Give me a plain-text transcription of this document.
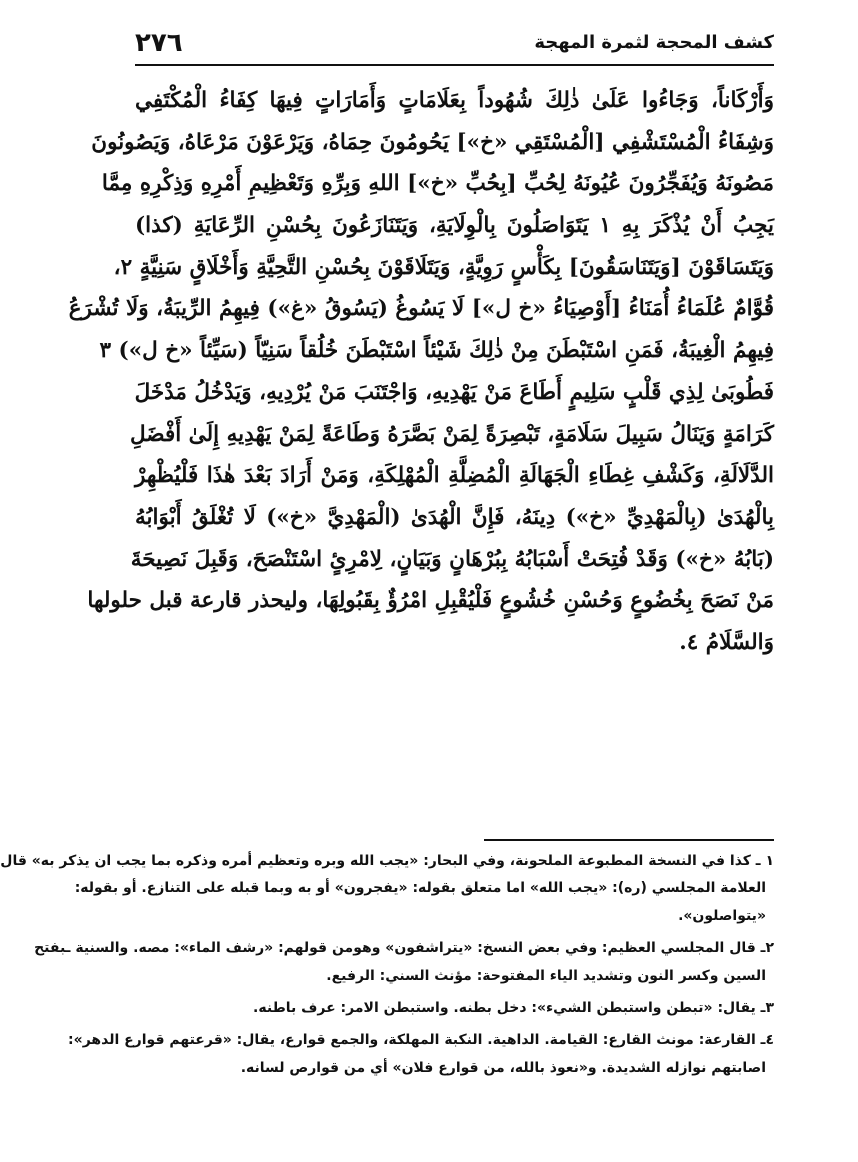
٢٧٦	كشف المحجة لثمرة المهجة
وَأَرْكَاناً، وَجَاءُوا عَلَىٰ ذٰلِكَ شُهُوداً بِعَلَامَاتٍ وَأَمَارَاتٍ فِيهَا كِفَاءُ الْمُكْتَفِي
وَشِفَاءُ الْمُسْتَشْفِي [الْمُسْتَقِي «خ»] يَحُومُونَ حِمَاهُ، وَيَرْعَوْنَ مَرْعَاهُ، وَيَصُونُونَ
مَصُونَهُ وَيُفَجِّرُونَ عُيُونَهُ لِحُبِّ [بِحُبِّ «خ»] اللهِ وَبِرِّهِ وَتَعْظِيمِ أَمْرِهِ وَذِكْرِهِ مِمَّا
يَجِبُ أَنْ يُذْكَرَ بِهِ ١ يَتَوَاصَلُونَ بِالْوِلَايَةِ، وَيَتَنَازَعُونَ بِحُسْنِ الرِّعَايَةِ (كذا)
وَيَتَسَاقَوْنَ [وَيَتَنَاسَقُونَ] بِكَأْسٍ رَوِيَّةٍ، وَيَتَلَاقَوْنَ بِحُسْنِ التَّحِيَّةِ وَأَخْلَاقٍ سَنِيَّةٍ ٢،
قُوَّامٌ عُلَمَاءُ أُمَنَاءُ [أَوْصِيَاءُ «خ ل»] لَا يَسُوغُ (يَسُوقُ «غ») فِيهِمُ الرِّيبَةُ، وَلَا تُشْرَعُ
فِيهِمُ الْغِيبَةُ، فَمَنِ اسْتَبْطَنَ مِنْ ذٰلِكَ شَيْئاً اسْتَبْطَنَ خُلُقاً سَنِيّاً (سَيِّئاً «خ ل») ٣
فَطُوبَىٰ لِذِي قَلْبٍ سَلِيمٍ أَطَاعَ مَنْ يَهْدِيهِ، وَاجْتَنَبَ مَنْ يُرْدِيهِ، وَيَدْخُلُ مَدْخَلَ
كَرَامَةٍ وَيَنَالُ سَبِيلَ سَلَامَةٍ، تَبْصِرَةً لِمَنْ بَصَّرَهُ وَطَاعَةً لِمَنْ يَهْدِيهِ إِلَىٰ أَفْضَلِ
الدَّلَالَةِ، وَكَشْفِ غِطَاءِ الْجَهَالَةِ الْمُضِلَّةِ الْمُهْلِكَةِ، وَمَنْ أَرَادَ بَعْدَ هٰذَا فَلْيُظْهِرْ
بِالْهُدَىٰ (بِالْمَهْدِيِّ «خ») دِينَهُ، فَإِنَّ الْهُدَىٰ (الْمَهْدِيَّ «خ») لَا تُغْلَقُ أَبْوَابُهُ
(بَابُهُ «خ») وَقَدْ فُتِحَتْ أَسْبَابُهُ بِبُرْهَانٍ وَبَيَانٍ، لِامْرِئٍ اسْتَنْصَحَ، وَقَبِلَ نَصِيحَةَ
مَنْ نَصَحَ بِخُضُوعٍ وَحُسْنِ خُشُوعٍ فَلْيُقْبِلِ امْرُؤٌ بِقَبُولِهَا، وليحذر قارعة قبل حلولها
وَالسَّلَامُ ٤.
١ ـ كذا في النسخة المطبوعة الملحونة، وفي البحار: «يجب الله وبره وتعظيم أمره وذكره بما يجب ان يذكر به» قال
العلامة المجلسي (ره): «يجب الله» اما متعلق بقوله: «يفجرون» أو به وبما قبله على التنازع. أو بقوله:
«يتواصلون».
٢ـ قال المجلسي العظيم: وفي بعض النسخ: «يتراشفون» وهومن قولهم: «رشف الماء»: مصه. والسنية ـبفتح
السين وكسر النون وتشديد الياء المفتوحة: مؤنث السني: الرفيع.
٣ـ يقال: «تبطن واستبطن الشيء»: دخل بطنه. واستبطن الامر: عرف باطنه.
٤ـ القارعة: مونث القارع: القيامة. الداهية. النكبة المهلكة، والجمع قوارع، يقال: «قرعتهم قوارع الدهر»:
اصابتهم نوازله الشديدة. و«نعوذ بالله، من قوارع فلان» أي من قوارص لسانه.
